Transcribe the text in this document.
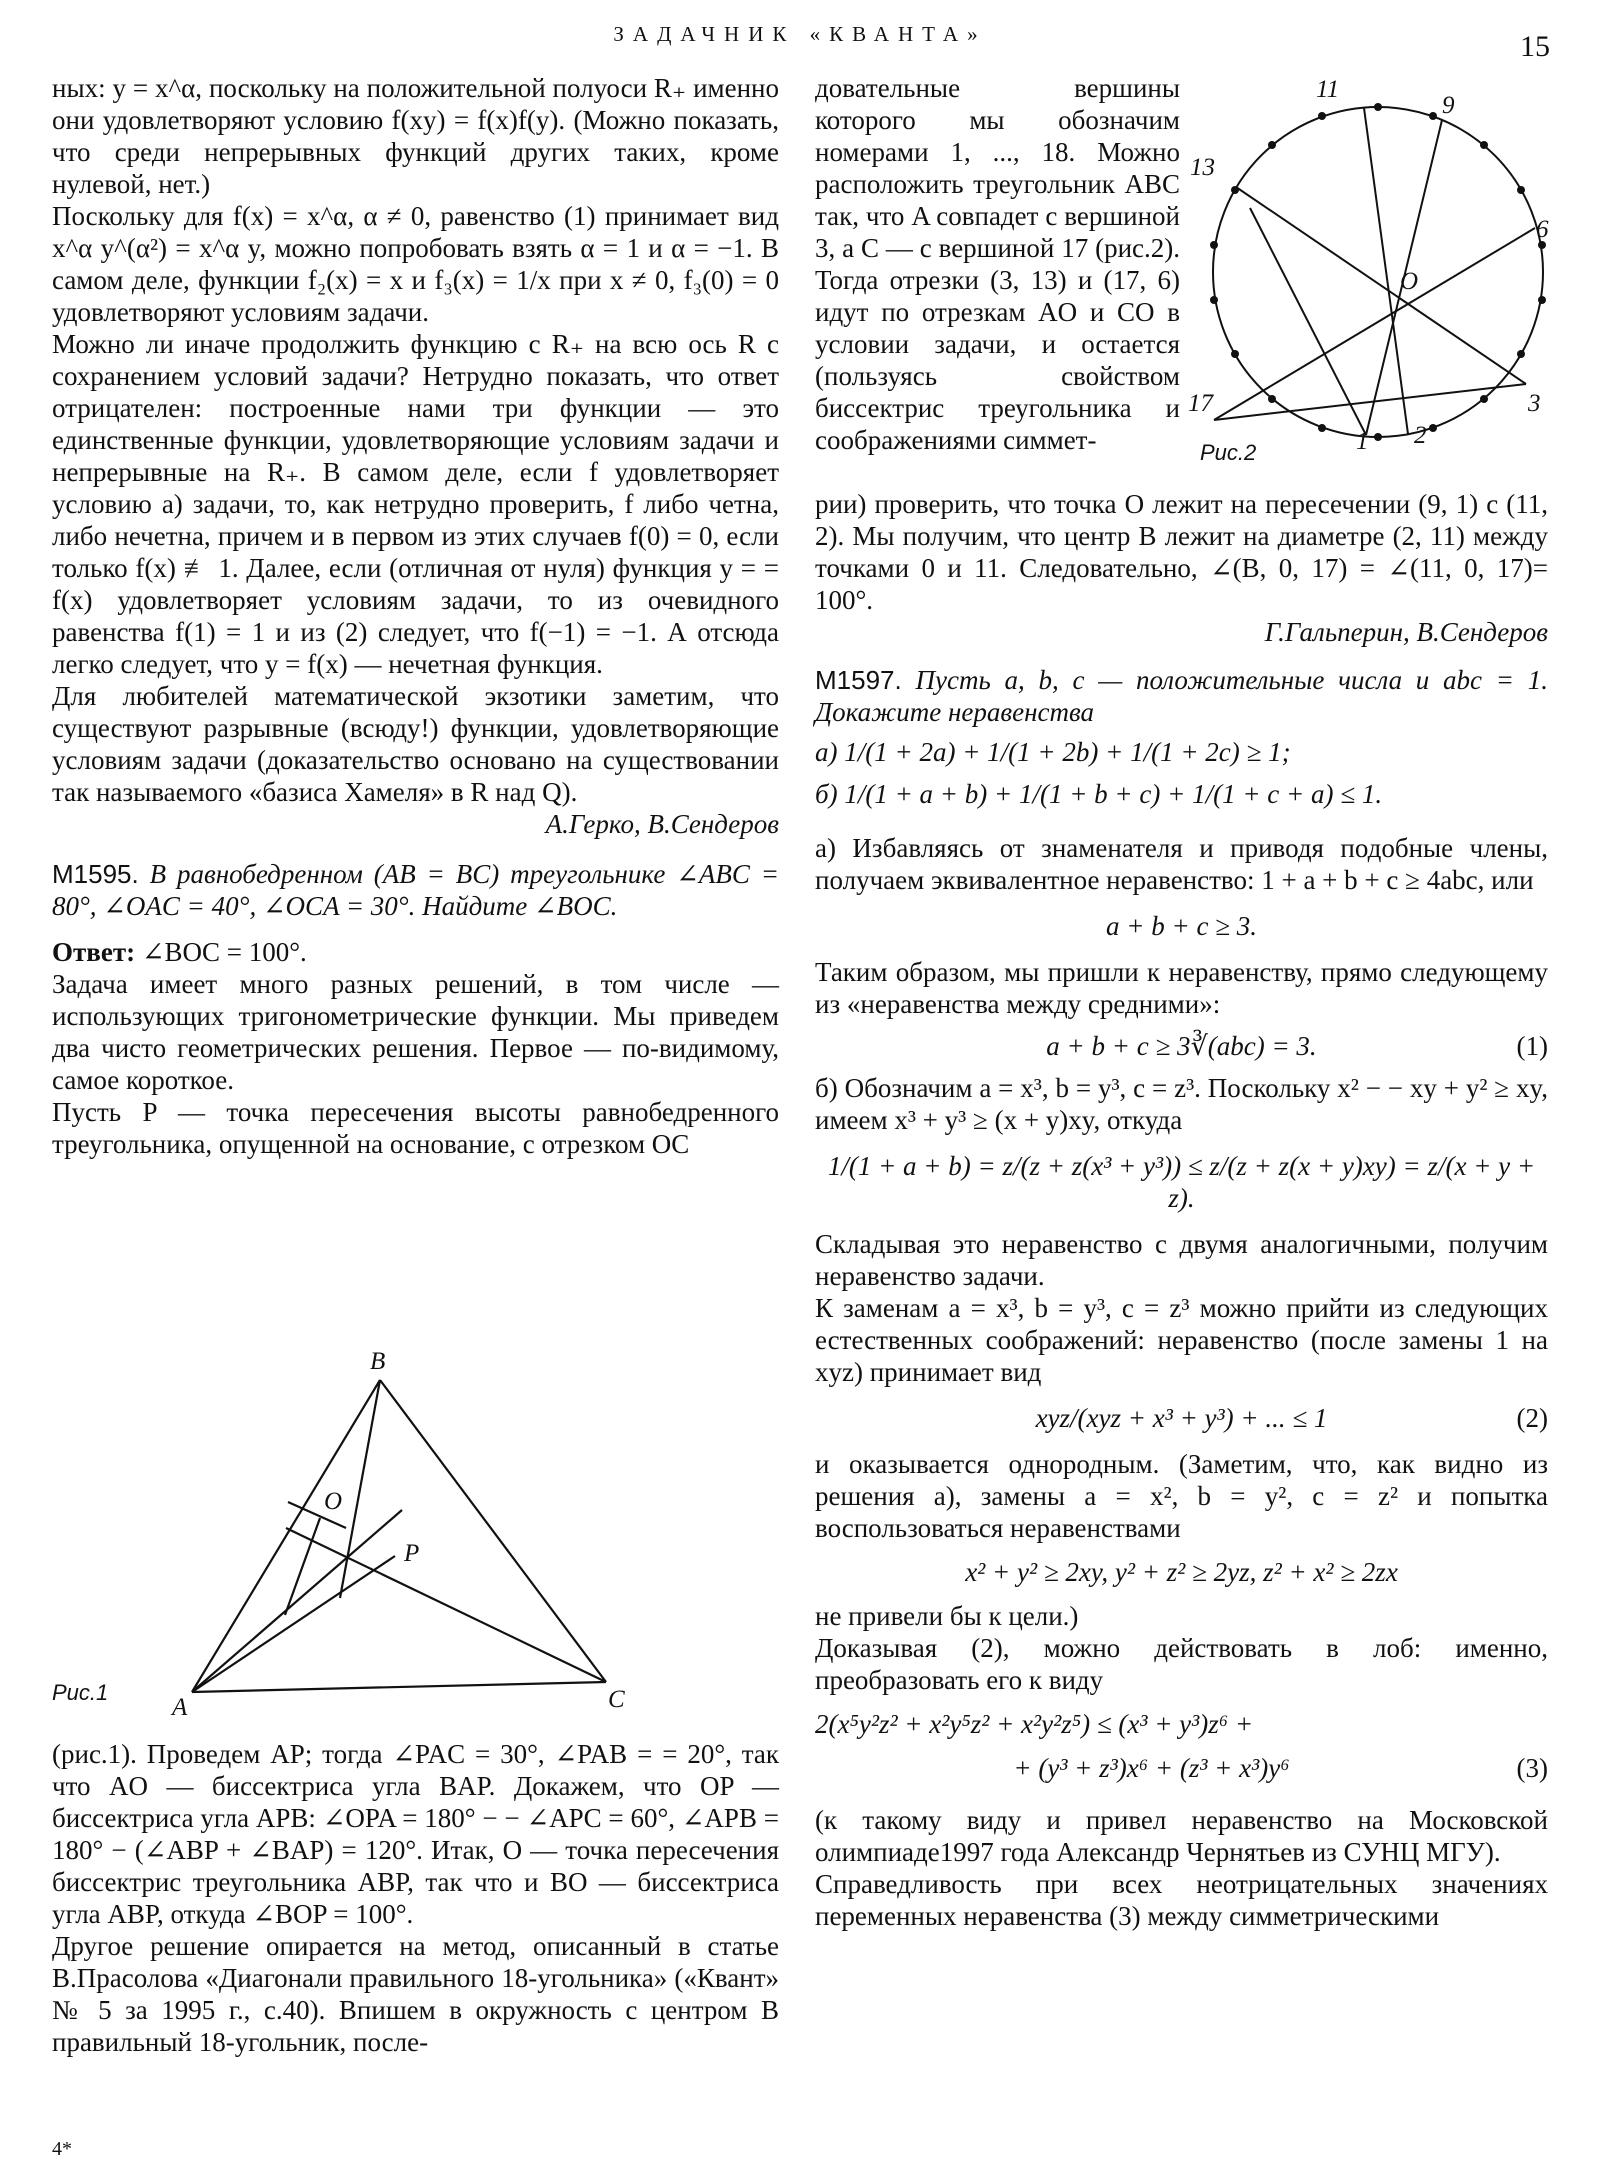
ЗАДАЧНИК «КВАНТА»	15

ных: y = x^α, поскольку на положительной полуоси R₊ именно они удовлетворяют условию f(xy) = f(x)f(y). (Можно показать, что среди непрерывных функций других таких, кроме нулевой, нет.)

Поскольку для f(x) = x^α, α ≠ 0, равенство (1) принимает вид x^α y^(α²) = x^α y, можно попробовать взять α = 1 и α = −1. В самом деле, функции f₂(x) = x и f₃(x) = 1/x при x ≠ 0, f₃(0) = 0 удовлетворяют условиям задачи.

Можно ли иначе продолжить функцию с R₊ на всю ось R с сохранением условий задачи? Нетрудно показать, что ответ отрицателен: построенные нами три функции — это единственные функции, удовлетворяющие условиям задачи и непрерывные на R₊. В самом деле, если f удовлетворяет условию а) задачи, то, как нетрудно проверить, f либо четна, либо нечетна, причем и в первом из этих случаев f(0) = 0, если только f(x) ≢ 1. Далее, если (отличная от нуля) функция y = = f(x) удовлетворяет условиям задачи, то из очевидного равенства f(1) = 1 и из (2) следует, что f(−1) = −1. А отсюда легко следует, что y = f(x) — нечетная функция.

Для любителей математической экзотики заметим, что существуют разрывные (всюду!) функции, удовлетворяющие условиям задачи (доказательство основано на существовании так называемого «базиса Хамеля» в R над Q).

А.Герко, В.Сендеров

М1595. В равнобедренном (AB = BC) треугольнике ∠ABC = 80°, ∠OAC = 40°, ∠OCA = 30°. Найдите ∠BOC.

Ответ: ∠BOC = 100°.

Задача имеет много разных решений, в том числе — использующих тригонометрические функции. Мы приведем два чисто геометрических решения. Первое — по-видимому, самое короткое.

Пусть P — точка пересечения высоты равнобедренного треугольника, опущенной на основание, с отрезком OC

B
O
P
A	C
Рис.1

(рис.1). Проведем AP; тогда ∠PAC = 30°, ∠PAB = = 20°, так что AO — биссектриса угла BAP. Докажем, что OP — биссектриса угла APB: ∠OPA = 180° − − ∠APC = 60°, ∠APB = 180° − (∠ABP + ∠BAP) = 120°. Итак, O — точка пересечения биссектрис треугольника ABP, так что и BO — биссектриса угла ABP, откуда ∠BOP = 100°.

Другое решение опирается на метод, описанный в статье В.Прасолова «Диагонали правильного 18-угольника» («Квант» № 5 за 1995 г., с.40). Впишем в окружность с центром B правильный 18-угольник, после-

довательные вершины которого мы обозначим номерами 1, ..., 18. Можно расположить треугольник ABC так, что A совпадет с вершиной 3, а C — с вершиной 17 (рис.2). Тогда отрезки (3, 13) и (17, 6) идут по отрезкам AO и CO в условии задачи, и остается (пользуясь свойством биссектрис треугольника и соображениями симмет-

11
9
13
6
O
17	3
1 2
Рис.2

рии) проверить, что точка O лежит на пересечении (9, 1) с (11, 2). Мы получим, что центр B лежит на диаметре (2, 11) между точками 0 и 11. Следовательно, ∠(B, 0, 17) = ∠(11, 0, 17)= 100°.

Г.Гальперин, В.Сендеров

М1597. Пусть a, b, c — положительные числа и abc = 1. Докажите неравенства

а) 1/(1 + 2a) + 1/(1 + 2b) + 1/(1 + 2c) ≥ 1;

б) 1/(1 + a + b) + 1/(1 + b + c) + 1/(1 + c + a) ≤ 1.

а) Избавляясь от знаменателя и приводя подобные члены, получаем эквивалентное неравенство: 1 + a + b + c ≥ 4abc, или

a + b + c ≥ 3.

Таким образом, мы пришли к неравенству, прямо следующему из «неравенства между средними»:

a + b + c ≥ 3∛(abc) = 3.	(1)

б) Обозначим a = x³, b = y³, c = z³. Поскольку x² − − xy + y² ≥ xy, имеем x³ + y³ ≥ (x + y)xy, откуда

1/(1 + a + b) = z/(z + z(x³ + y³)) ≤ z/(z + z(x + y)xy) = z/(x + y + z).

Складывая это неравенство с двумя аналогичными, получим неравенство задачи.

К заменам a = x³, b = y³, c = z³ можно прийти из следующих естественных соображений: неравенство (после замены 1 на xyz) принимает вид

xyz/(xyz + x³ + y³) + ... ≤ 1	(2)

и оказывается однородным. (Заметим, что, как видно из решения а), замены a = x², b = y², c = z² и попытка воспользоваться неравенствами

x² + y² ≥ 2xy, y² + z² ≥ 2yz, z² + x² ≥ 2zx

не привели бы к цели.)

Доказывая (2), можно действовать в лоб: именно, преобразовать его к виду

2(x⁵y²z² + x²y⁵z² + x²y²z⁵) ≤ (x³ + y³)z⁶ +

+ (y³ + z³)x⁶ + (z³ + x³)y⁶	(3)

(к такому виду и привел неравенство на Московской олимпиаде1997 года Александр Чернятьев из СУНЦ МГУ).

Справедливость при всех неотрицательных значениях переменных неравенства (3) между симметрическими

4*
